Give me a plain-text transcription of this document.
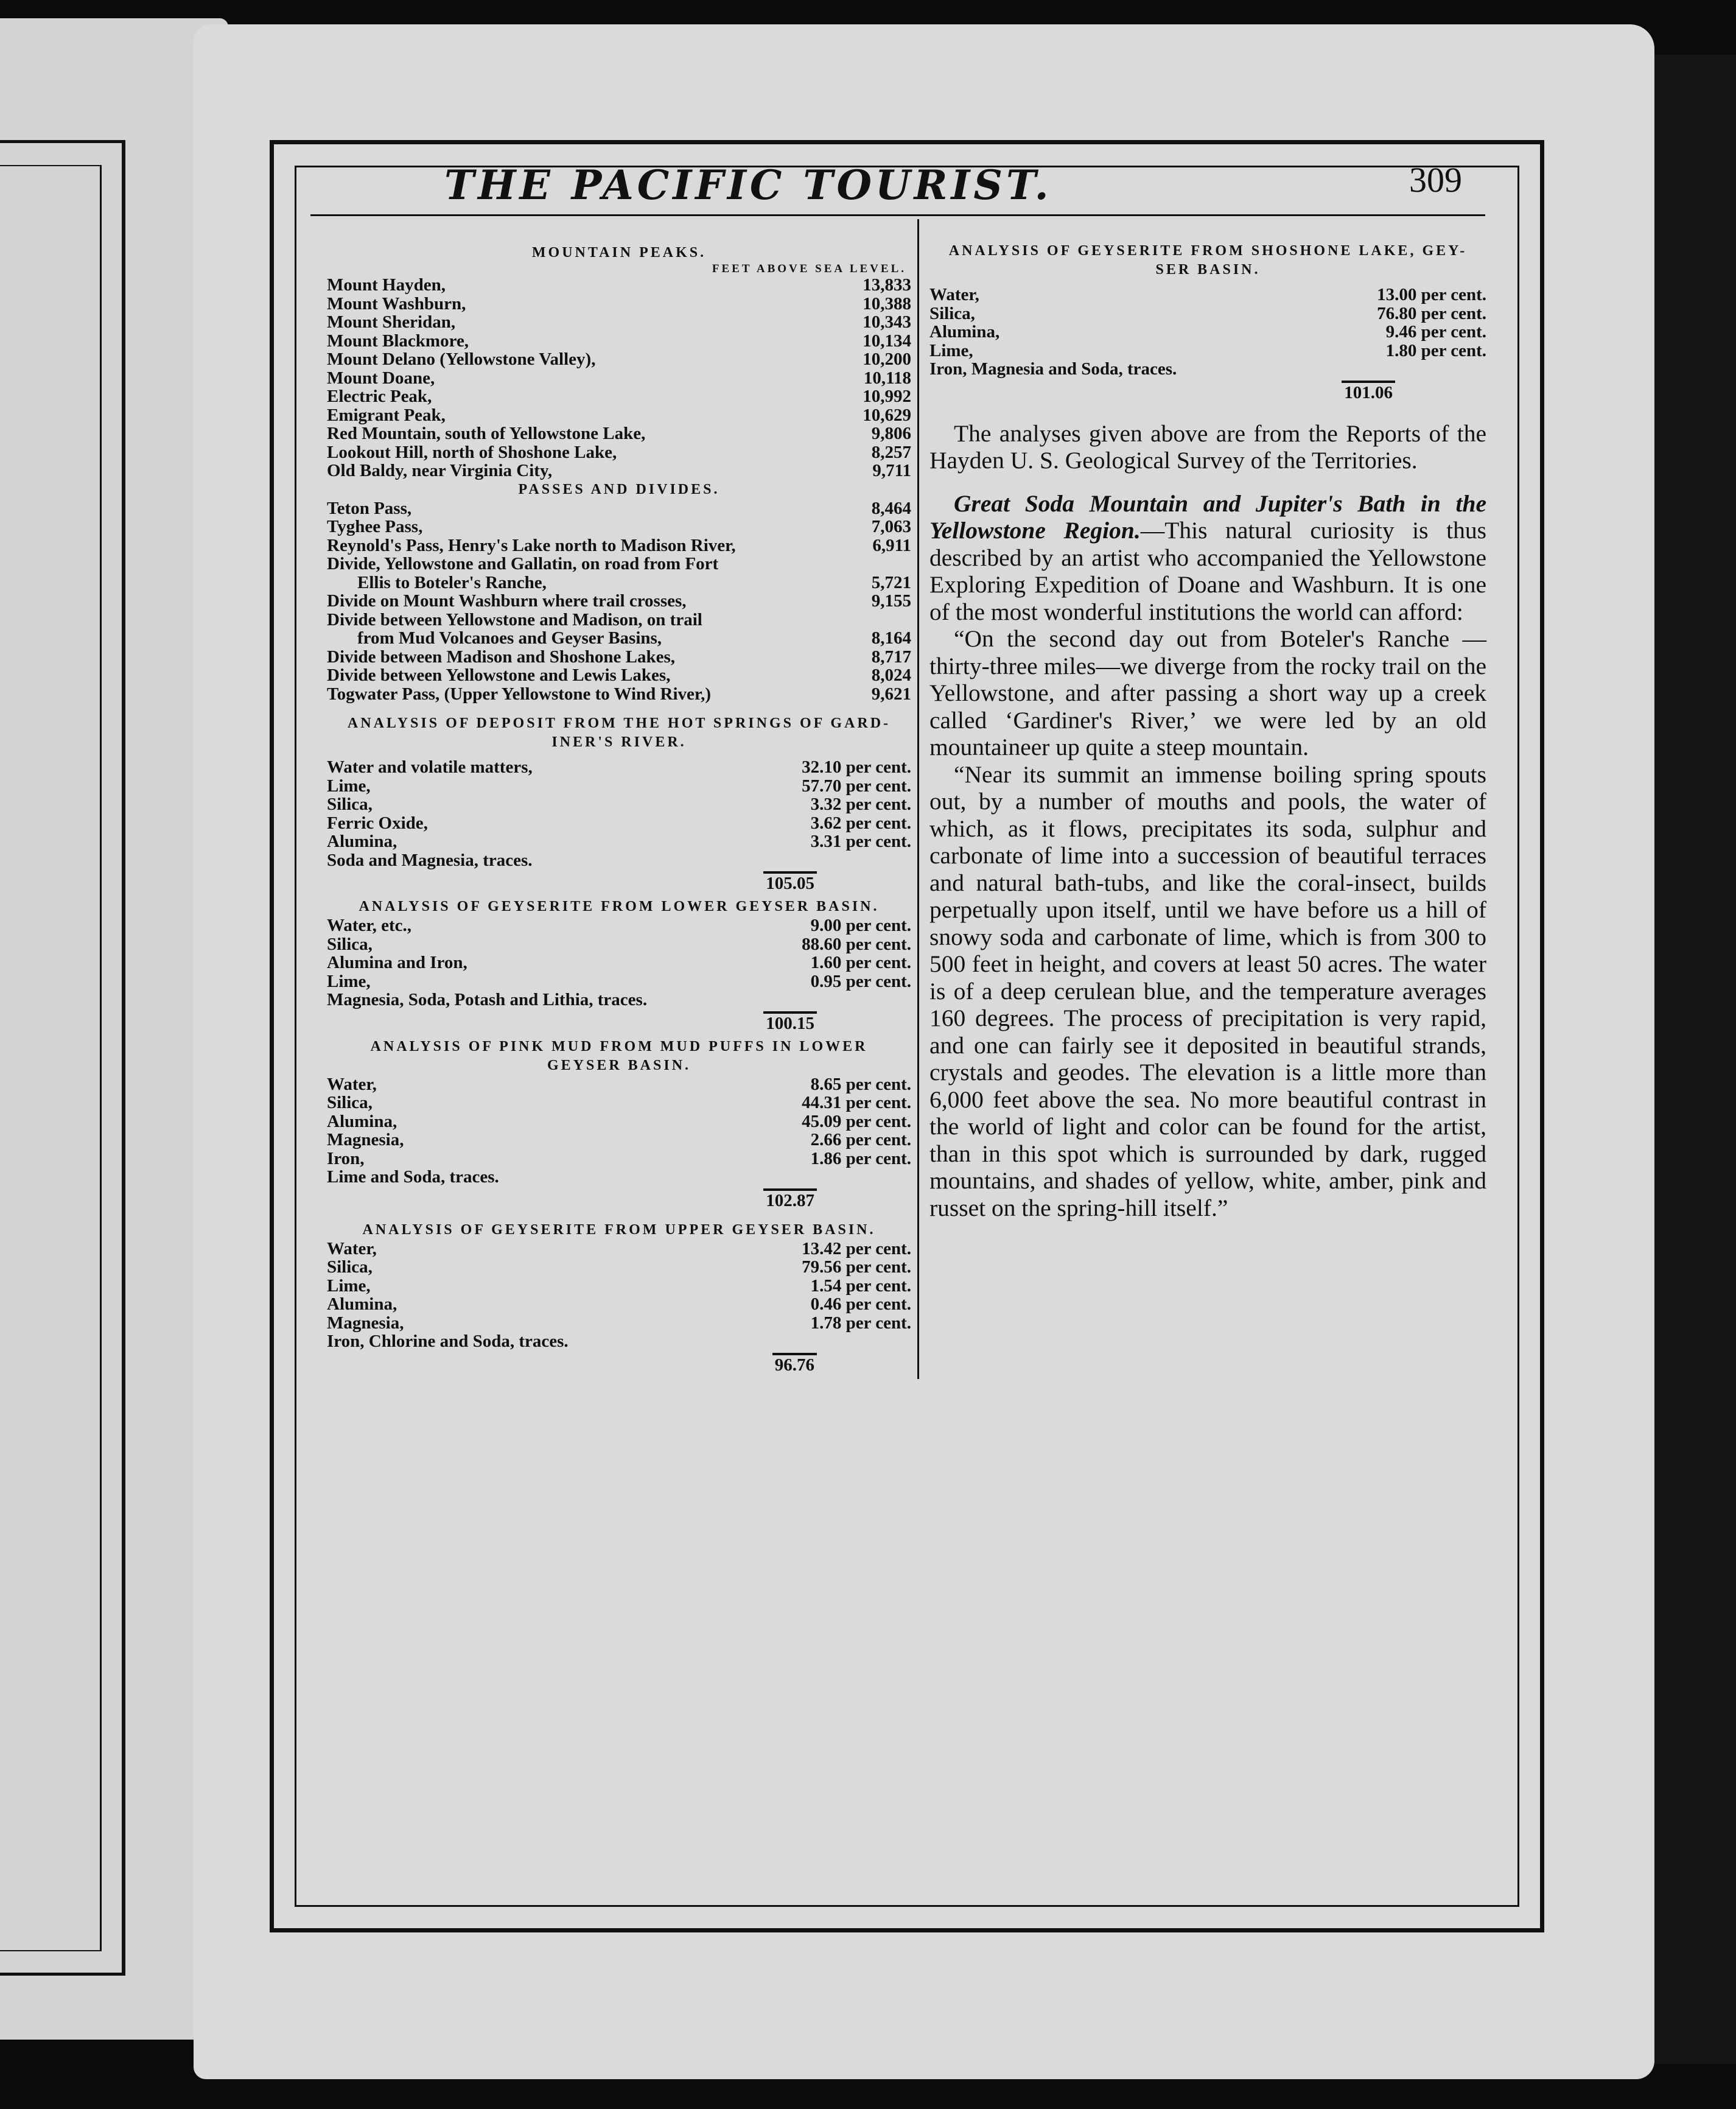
THE PACIFIC TOURIST.	309
MOUNTAIN PEAKS.
FEET ABOVE SEA LEVEL.
Mount Hayden,	13,833
Mount Washburn,	10,388
Mount Sheridan,	10,343
Mount Blackmore,	10,134
Mount Delano (Yellowstone Valley),	10,200
Mount Doane,	10,118
Electric Peak,	10,992
Emigrant Peak,	10,629
Red Mountain, south of Yellowstone Lake,	9,806
Lookout Hill, north of Shoshone Lake,	8,257
Old Baldy, near Virginia City,	9,711
PASSES AND DIVIDES.
Teton Pass,	8,464
Tyghee Pass,	7,063
Reynold's Pass, Henry's Lake north to Madison River,	6,911
Divide, Yellowstone and Gallatin, on road from Fort
Ellis to Boteler's Ranche,	5,721
Divide on Mount Washburn where trail crosses,	9,155
Divide between Yellowstone and Madison, on trail
from Mud Volcanoes and Geyser Basins,	8,164
Divide between Madison and Shoshone Lakes,	8,717
Divide between Yellowstone and Lewis Lakes,	8,024
Togwater Pass, (Upper Yellowstone to Wind River,)	9,621
ANALYSIS OF DEPOSIT FROM THE HOT SPRINGS OF GARD-
INER'S RIVER.
Water and volatile matters,	32.10 per cent.
Lime,	57.70 per cent.
Silica,	3.32 per cent.
Ferric Oxide,	3.62 per cent.
Alumina,	3.31 per cent.
Soda and Magnesia, traces.
105.05
ANALYSIS OF GEYSERITE FROM LOWER GEYSER BASIN.
Water, etc.,	9.00 per cent.
Silica,	88.60 per cent.
Alumina and Iron,	1.60 per cent.
Lime,	0.95 per cent.
Magnesia, Soda, Potash and Lithia, traces.
100.15
ANALYSIS OF PINK MUD FROM MUD PUFFS IN LOWER
GEYSER BASIN.
Water,	8.65 per cent.
Silica,	44.31 per cent.
Alumina,	45.09 per cent.
Magnesia,	2.66 per cent.
Iron,	1.86 per cent.
Lime and Soda, traces.
102.87
ANALYSIS OF GEYSERITE FROM UPPER GEYSER BASIN.
Water,	13.42 per cent.
Silica,	79.56 per cent.
Lime,	1.54 per cent.
Alumina,	0.46 per cent.
Magnesia,	1.78 per cent.
Iron, Chlorine and Soda, traces.
96.76
ANALYSIS OF GEYSERITE FROM SHOSHONE LAKE, GEY-
SER BASIN.
Water,	13.00 per cent.
Silica,	76.80 per cent.
Alumina,	9.46 per cent.
Lime,	1.80 per cent.
Iron, Magnesia and Soda, traces.
101.06

The analyses given above are from the Reports of the Hayden U. S. Geological Survey of the Territories.

Great Soda Mountain and Jupiter's Bath in the Yellowstone Region.—This natural curiosity is thus described by an artist who accompanied the Yellowstone Exploring Expedition of Doane and Washburn. It is one of the most wonderful institutions the world can afford:

“On the second day out from Boteler's Ranche —thirty-three miles—we diverge from the rocky trail on the Yellowstone, and after passing a short way up a creek called ‘Gardiner's River,’ we were led by an old mountaineer up quite a steep mountain.

“Near its summit an immense boiling spring spouts out, by a number of mouths and pools, the water of which, as it flows, precipitates its soda, sulphur and carbonate of lime into a succession of beautiful terraces and natural bath-tubs, and like the coral-insect, builds perpetually upon itself, until we have before us a hill of snowy soda and carbonate of lime, which is from 300 to 500 feet in height, and covers at least 50 acres. The water is of a deep cerulean blue, and the temperature averages 160 degrees. The process of precipitation is very rapid, and one can fairly see it deposited in beautiful strands, crystals and geodes. The elevation is a little more than 6,000 feet above the sea. No more beautiful contrast in the world of light and color can be found for the artist, than in this spot which is surrounded by dark, rugged mountains, and shades of yellow, white, amber, pink and russet on the spring-hill itself.”
